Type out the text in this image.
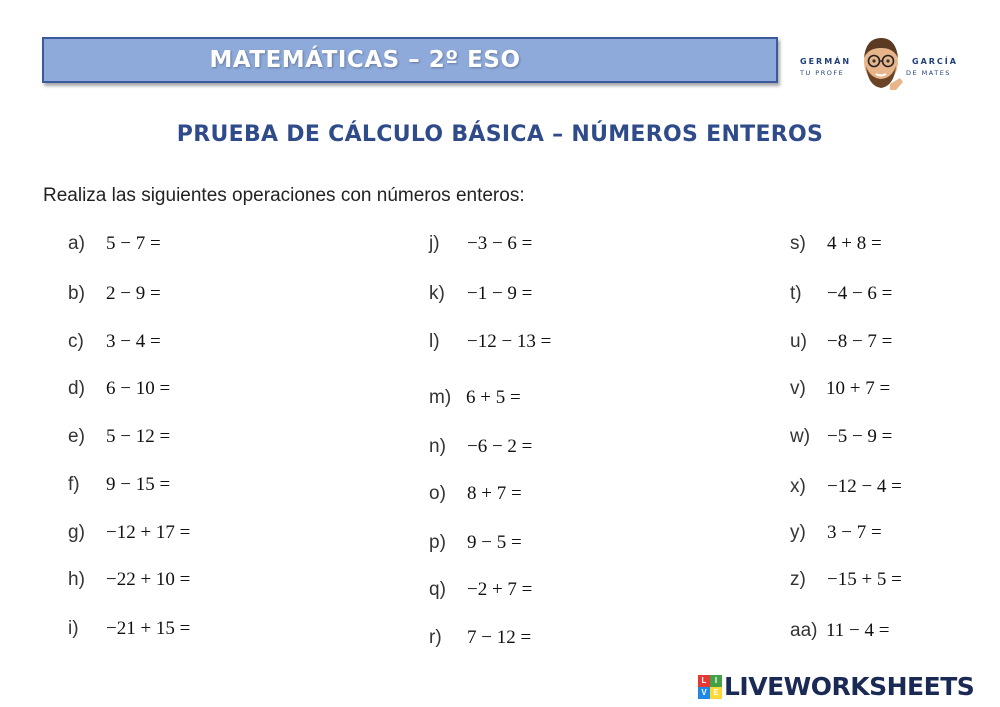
MATEMÁTICAS – 2º ESO	GERMÁN
TU PROFE
GARCÍA
DE MATES
PRUEBA DE CÁLCULO BÁSICA – NÚMEROS ENTEROS
Realiza las siguientes operaciones con números enteros:
a)	5 − 7 =
b)	2 − 9 =
c)	3 − 4 =
d)	6 − 10 =
e)	5 − 12 =
f)	9 − 15 =
g)	−12 + 17 =
h)	−22 + 10 =
i)	−21 + 15 =
j)	−3 − 6 =
k)	−1 − 9 =
l)	−12 − 13 =
m) 6 + 5 =
n)	−6 − 2 =
o)	8 + 7 =
p)	9 − 5 =
q)	−2 + 7 =
r)	7 − 12 =
s)	4 + 8 =
t)	−4 − 6 =
u)	−8 − 7 =
v)	10 + 7 =
w) −5 − 9 =
x)	−12 − 4 =
y)	3 − 7 =
z)	−15 + 5 =
aa) 11 − 4 =
L	I
V E LIVEWORKSHEETS
